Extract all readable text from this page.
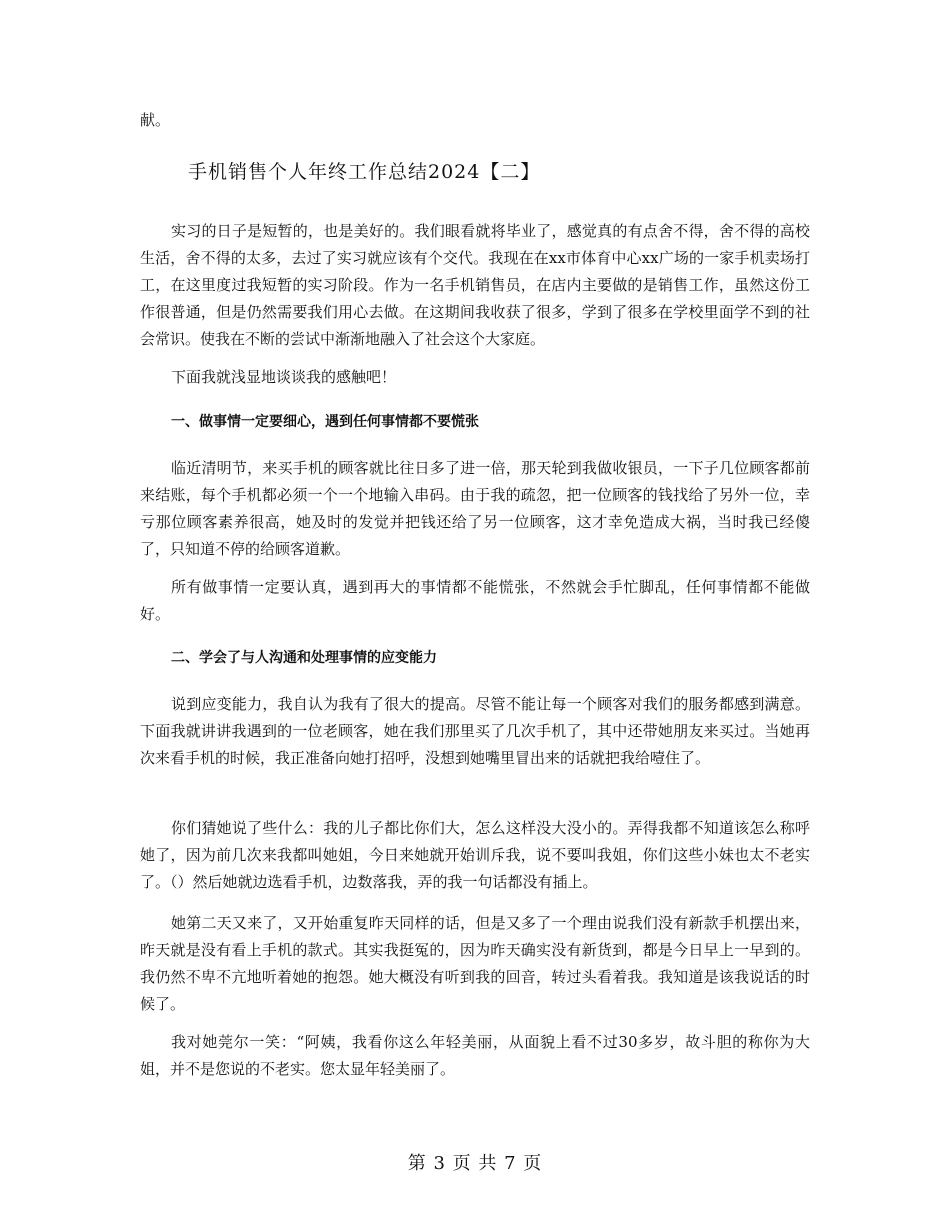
献。

手机销售个人年终工作总结2024【二】

实习的日子是短暂的，也是美好的。我们眼看就将毕业了，感觉真的有点舍不得，舍不得的高校生活，舍不得的太多，去过了实习就应该有个交代。我现在在xx市体育中心xx广场的一家手机卖场打工，在这里度过我短暂的实习阶段。作为一名手机销售员，在店内主要做的是销售工作，虽然这份工作很普通，但是仍然需要我们用心去做。在这期间我收获了很多，学到了很多在学校里面学不到的社会常识。使我在不断的尝试中渐渐地融入了社会这个大家庭。

下面我就浅显地谈谈我的感触吧！

一、做事情一定要细心，遇到任何事情都不要慌张

临近清明节，来买手机的顾客就比往日多了进一倍，那天轮到我做收银员，一下子几位顾客都前来结账，每个手机都必须一个一个地输入串码。由于我的疏忽，把一位顾客的钱找给了另外一位，幸亏那位顾客素养很高，她及时的发觉并把钱还给了另一位顾客，这才幸免造成大祸，当时我已经傻了，只知道不停的给顾客道歉。

所有做事情一定要认真，遇到再大的事情都不能慌张，不然就会手忙脚乱，任何事情都不能做好。

二、学会了与人沟通和处理事情的应变能力

说到应变能力，我自认为我有了很大的提高。尽管不能让每一个顾客对我们的服务都感到满意。下面我就讲讲我遇到的一位老顾客，她在我们那里买了几次手机了，其中还带她朋友来买过。当她再次来看手机的时候，我正准备向她打招呼，没想到她嘴里冒出来的话就把我给噎住了。

你们猜她说了些什么：我的儿子都比你们大，怎么这样没大没小的。弄得我都不知道该怎么称呼她了，因为前几次来我都叫她姐，今日来她就开始训斥我，说不要叫我姐，你们这些小妹也太不老实了。（）然后她就边选看手机，边数落我，弄的我一句话都没有插上。

她第二天又来了，又开始重复昨天同样的话，但是又多了一个理由说我们没有新款手机摆出来，昨天就是没有看上手机的款式。其实我挺冤的，因为昨天确实没有新货到，都是今日早上一早到的。我仍然不卑不亢地听着她的抱怨。她大概没有听到我的回音，转过头看着我。我知道是该我说话的时候了。

我对她莞尔一笑：“阿姨，我看你这么年轻美丽，从面貌上看不过30多岁，故斗胆的称你为大姐，并不是您说的不老实。您太显年轻美丽了。

第 3 页 共 7 页
